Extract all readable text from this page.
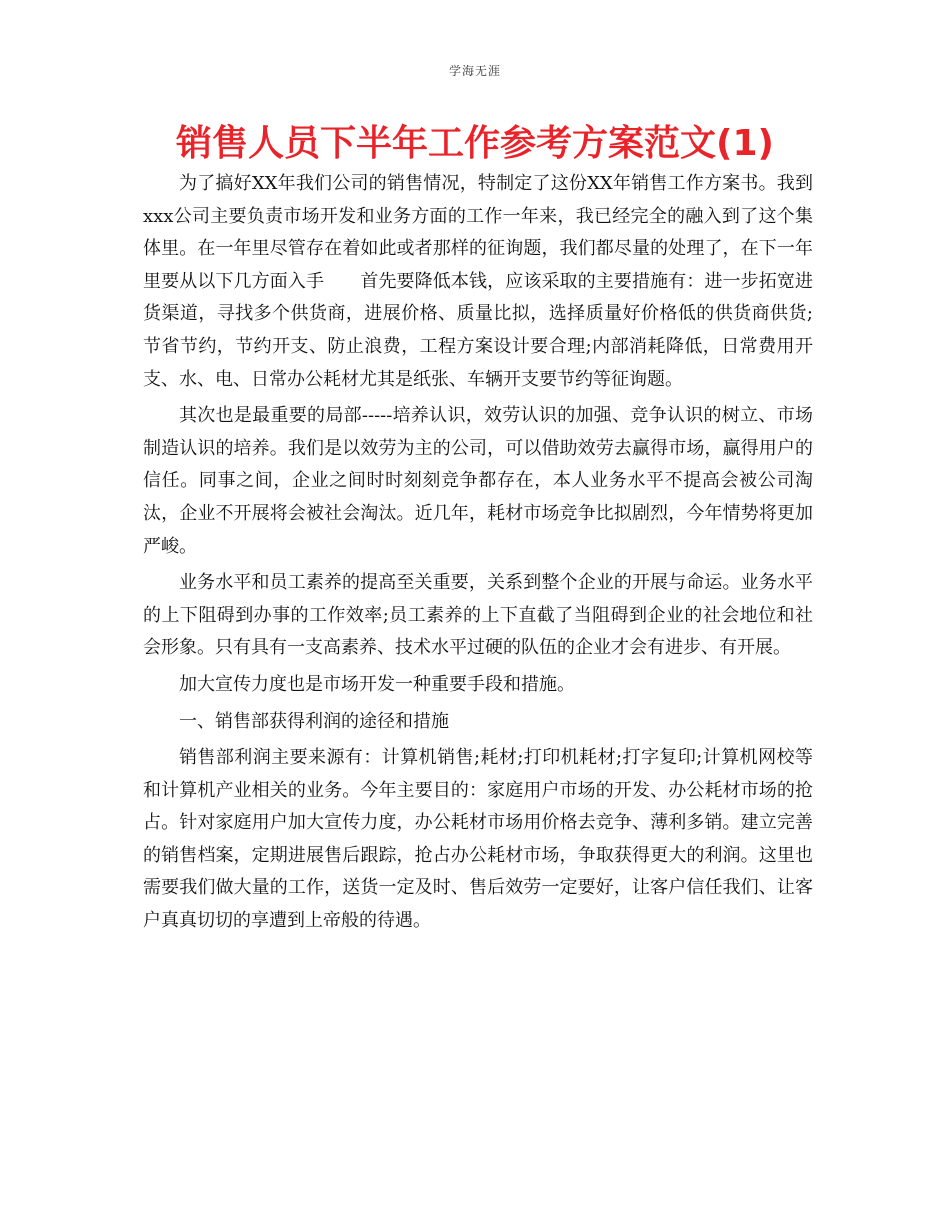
学海无涯
销售人员下半年工作参考方案范文(1)

为了搞好XX年我们公司的销售情况，特制定了这份XX年销售工作方案书。我到xxx公司主要负责市场开发和业务方面的工作一年来，我已经完全的融入到了这个集体里。在一年里尽管存在着如此或者那样的征询题，我们都尽量的处理了，在下一年里要从以下几方面入手　　首先要降低本钱，应该采取的主要措施有：进一步拓宽进货渠道，寻找多个供货商，进展价格、质量比拟，选择质量好价格低的供货商供货;节省节约，节约开支、防止浪费，工程方案设计要合理;内部消耗降低，日常费用开支、水、电、日常办公耗材尤其是纸张、车辆开支要节约等征询题。

其次也是最重要的局部-----培养认识，效劳认识的加强、竞争认识的树立、市场制造认识的培养。我们是以效劳为主的公司，可以借助效劳去赢得市场，赢得用户的信任。同事之间，企业之间时时刻刻竞争都存在，本人业务水平不提高会被公司淘汰，企业不开展将会被社会淘汰。近几年，耗材市场竞争比拟剧烈，今年情势将更加严峻。

业务水平和员工素养的提高至关重要，关系到整个企业的开展与命运。业务水平的上下阻碍到办事的工作效率;员工素养的上下直截了当阻碍到企业的社会地位和社会形象。只有具有一支高素养、技术水平过硬的队伍的企业才会有进步、有开展。

加大宣传力度也是市场开发一种重要手段和措施。

一、销售部获得利润的途径和措施

销售部利润主要来源有：计算机销售;耗材;打印机耗材;打字复印;计算机网校等和计算机产业相关的业务。今年主要目的：家庭用户市场的开发、办公耗材市场的抢占。针对家庭用户加大宣传力度，办公耗材市场用价格去竞争、薄利多销。建立完善的销售档案，定期进展售后跟踪，抢占办公耗材市场，争取获得更大的利润。这里也需要我们做大量的工作，送货一定及时、售后效劳一定要好，让客户信任我们、让客户真真切切的享遭到上帝般的待遇。
